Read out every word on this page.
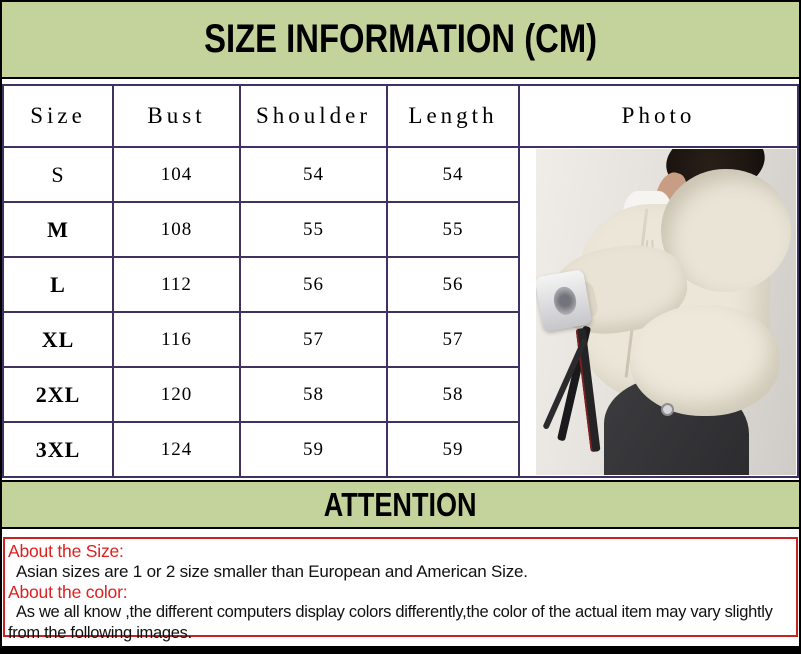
SIZE INFORMATION (CM)
Size	Bust	Shoulder	Length	Photo
S	104	54	54	

M	108	55	55	
L	112	56	56	
XL	116	57	57	
2XL	120	58	58	
3XL	124	59	59	
ATTENTION
About the Size:
Asian sizes are 1 or 2 size smaller than European and American Size.
About the color:
As we all know ,the different computers display colors differently,the color of the actual item may vary slightly from the following images.
